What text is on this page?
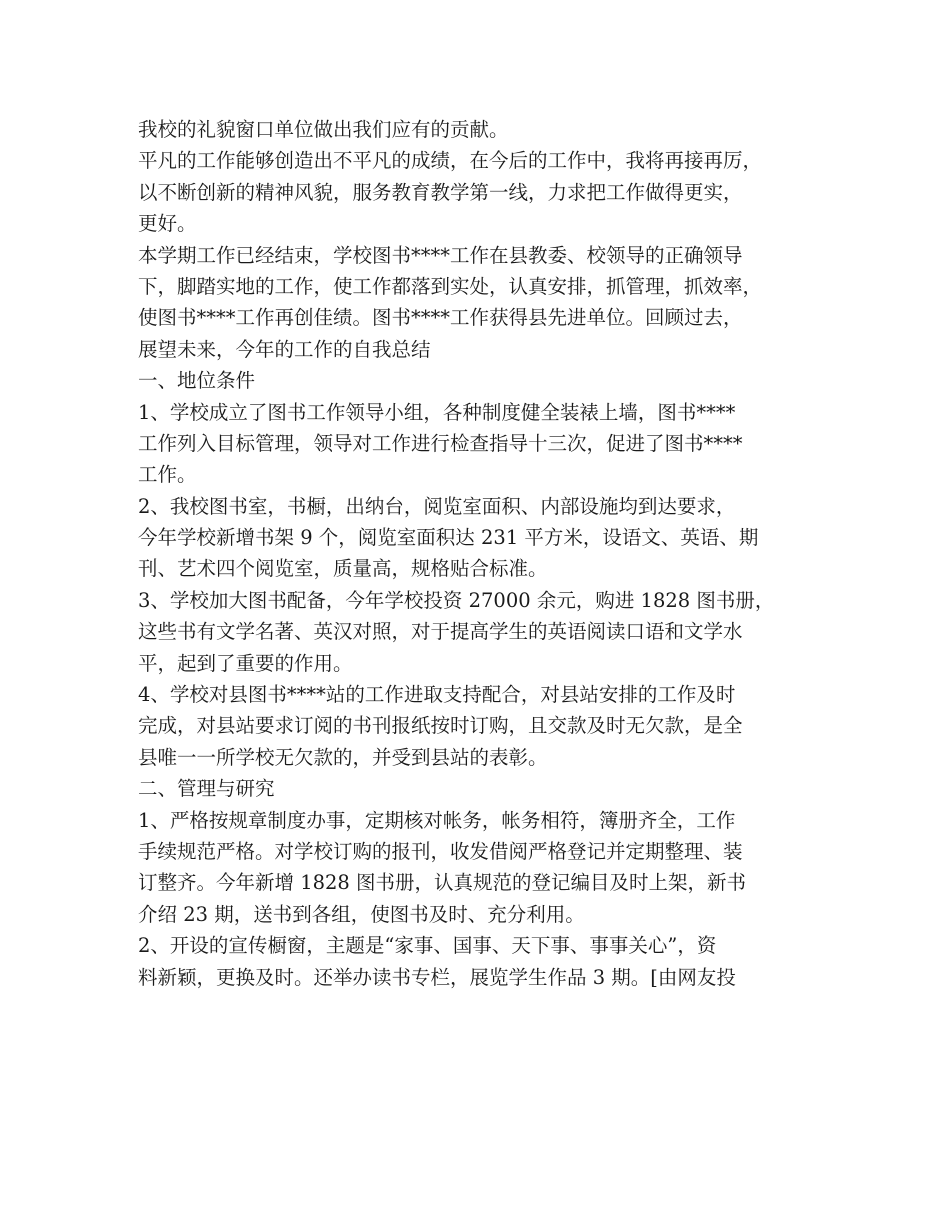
我校的礼貌窗口单位做出我们应有的贡献。
平凡的工作能够创造出不平凡的成绩，在今后的工作中，我将再接再厉，
以不断创新的精神风貌，服务教育教学第一线，力求把工作做得更实，
更好。
本学期工作已经结束，学校图书****工作在县教委、校领导的正确领导
下，脚踏实地的工作，使工作都落到实处，认真安排，抓管理，抓效率，
使图书****工作再创佳绩。图书****工作获得县先进单位。回顾过去，
展望未来，今年的工作的自我总结
一、地位条件
1、学校成立了图书工作领导小组，各种制度健全装裱上墙，图书****
工作列入目标管理，领导对工作进行检查指导十三次，促进了图书****
工作。
2、我校图书室，书橱，出纳台，阅览室面积、内部设施均到达要求，
今年学校新增书架 9 个，阅览室面积达 231 平方米，设语文、英语、期
刊、艺术四个阅览室，质量高，规格贴合标准。
3、学校加大图书配备，今年学校投资 27000 余元，购进 1828 图书册，
这些书有文学名著、英汉对照，对于提高学生的英语阅读口语和文学水
平，起到了重要的作用。
4、学校对县图书****站的工作进取支持配合，对县站安排的工作及时
完成，对县站要求订阅的书刊报纸按时订购，且交款及时无欠款，是全
县唯一一所学校无欠款的，并受到县站的表彰。
二、管理与研究
1、严格按规章制度办事，定期核对帐务，帐务相符，簿册齐全，工作
手续规范严格。对学校订购的报刊，收发借阅严格登记并定期整理、装
订整齐。今年新增 1828 图书册，认真规范的登记编目及时上架，新书
介绍 23 期，送书到各组，使图书及时、充分利用。
2、开设的宣传橱窗，主题是“家事、国事、天下事、事事关心”，资
料新颖，更换及时。还举办读书专栏，展览学生作品 3 期。[由网友投
